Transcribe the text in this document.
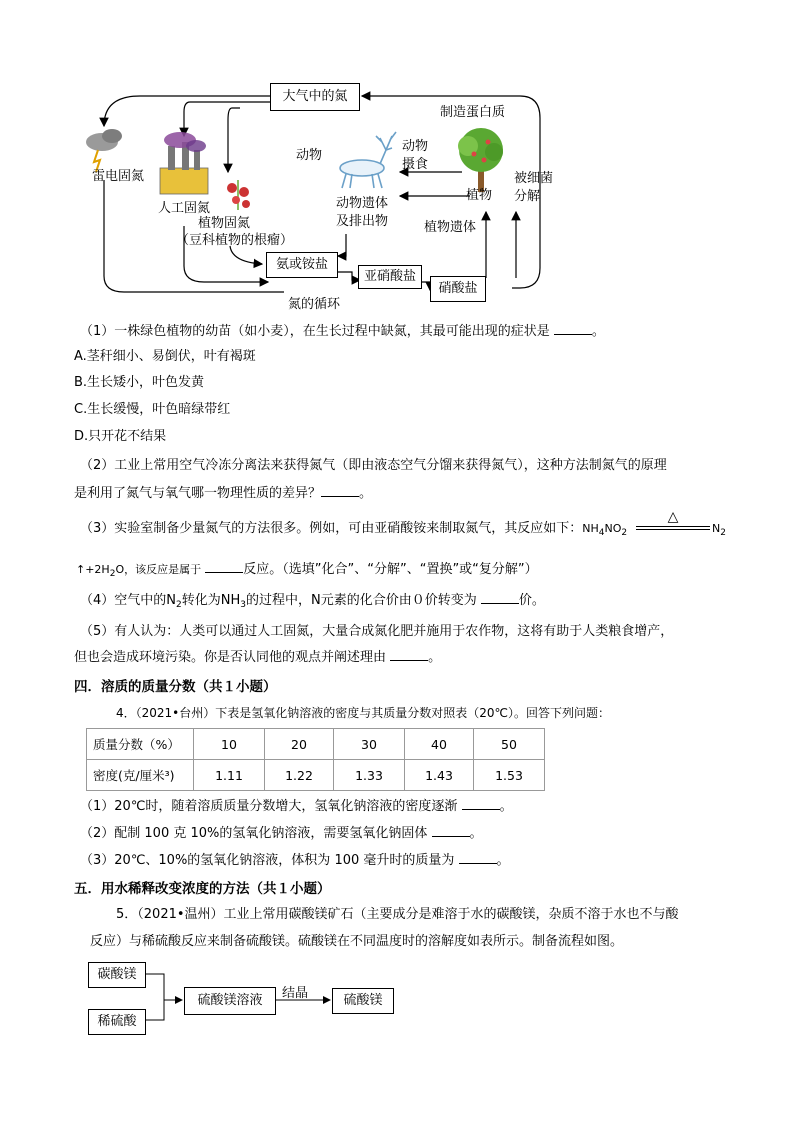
大气中的氮
氨或铵盐
亚硝酸盐
硝酸盐
制造蛋白质
动物
动物
摄食
雷电固氮
人工固氮
植物固氮
（豆科植物的根瘤）
动物遗体
及排出物	植物遗体
植物
被细菌
分解
氮的循环
（1）一株绿色植物的幼苗（如小麦），在生长过程中缺氮，其最可能出现的症状是	。
A.茎秆细小、易倒伏，叶有褐斑
B.生长矮小，叶色发黄
C.生长缓慢，叶色暗绿带红
D.只开花不结果
（2）工业上常用空气冷冻分离法来获得氮气（即由液态空气分馏来获得氮气），这种方法制氮气的原理
是利用了氮气与氧气哪一物理性质的差异？	。
（3）实验室制备少量氮气的方法很多。例如，可由亚硝酸铵来制取氮气，其反应如下：$NH_4NO_2$
△
$N_2$
$↑+2H_2O$，该反应是属于	反应。（选填”化合”、“分解”、“置换”或“复分解”）
（4）空气中的$N_2$转化为$NH_3$的过程中，N元素的化合价由０价转变为	价。
（5）有人认为：人类可以通过人工固氮，大量合成氮化肥并施用于农作物，这将有助于人类粮食增产，
但也会造成环境污染。你是否认同他的观点并阐述理由	。
四．溶质的质量分数（共１小题）
4．（2021•台州）下表是氢氧化钠溶液的密度与其质量分数对照表（20℃）。回答下列问题：
质量分数（%）	10	20	30	40	50
密度(克/厘米³)	1.11	1.22	1.33	1.43	1.53
（1）20℃时，随着溶质质量分数增大，氢氧化钠溶液的密度逐渐	。
（2）配制 100 克 10%的氢氧化钠溶液，需要氢氧化钠固体	。
（3）20℃、10%的氢氧化钠溶液，体积为 100 毫升时的质量为	。
五．用水稀释改变浓度的方法（共１小题）
5．（2021•温州）工业上常用碳酸镁矿石（主要成分是难溶于水的碳酸镁，杂质不溶于水也不与酸
反应）与稀硫酸反应来制备硫酸镁。硫酸镁在不同温度时的溶解度如表所示。制备流程如图。
碳酸镁
稀硫酸
硫酸镁溶液	结晶	硫酸镁
